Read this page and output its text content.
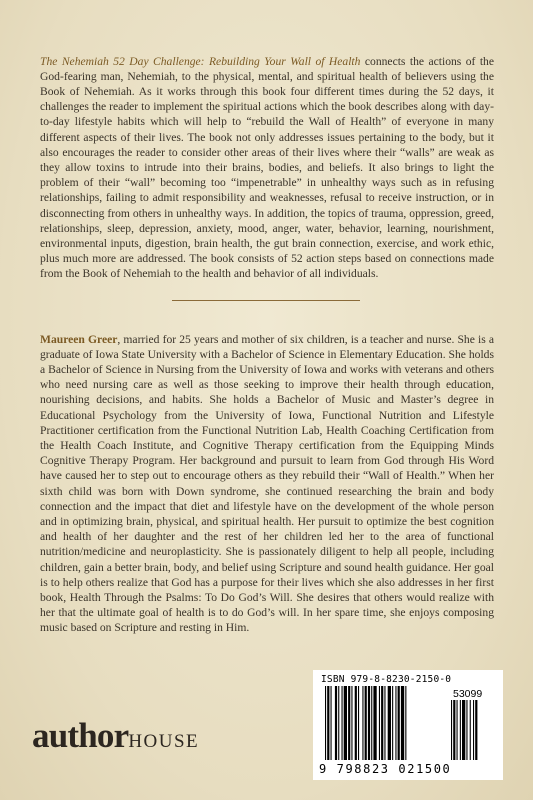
The Nehemiah 52 Day Challenge: Rebuilding Your Wall of Health connects the actions of the God-fearing man, Nehemiah, to the physical, mental, and spiritual health of believers using the Book of Nehemiah. As it works through this book four different times during the 52 days, it challenges the reader to implement the spiritual actions which the book describes along with day-to-day lifestyle habits which will help to “rebuild the Wall of Health” of everyone in many different aspects of their lives. The book not only addresses issues pertaining to the body, but it also encourages the reader to consider other areas of their lives where their “walls” are weak as they allow toxins to intrude into their brains, bodies, and beliefs. It also brings to light the problem of their “wall” becoming too “impenetrable” in unhealthy ways such as in refusing relationships, failing to admit responsibility and weaknesses, refusal to receive instruction, or in disconnecting from others in unhealthy ways. In addition, the topics of trauma, oppression, greed, relationships, sleep, depression, anxiety, mood, anger, water, behavior, learning, nourishment, environmental inputs, digestion, brain health, the gut brain connection, exercise, and work ethic, plus much more are addressed. The book consists of 52 action steps based on connections made from the Book of Nehemiah to the health and behavior of all individuals.

Maureen Greer, married for 25 years and mother of six children, is a teacher and nurse. She is a graduate of Iowa State University with a Bachelor of Science in Elementary Education. She holds a Bachelor of Science in Nursing from the University of Iowa and works with veterans and others who need nursing care as well as those seeking to improve their health through education, nourishing decisions, and habits. She holds a Bachelor of Music and Master’s degree in Educational Psychology from the University of Iowa, Functional Nutrition and Lifestyle Practitioner certification from the Functional Nutrition Lab, Health Coaching Certification from the Health Coach Institute, and Cognitive Therapy certification from the Equipping Minds Cognitive Therapy Program. Her background and pursuit to learn from God through His Word have caused her to step out to encourage others as they rebuild their “Wall of Health.” When her sixth child was born with Down syndrome, she continued researching the brain and body connection and the impact that diet and lifestyle have on the development of the whole person and in optimizing brain, physical, and spiritual health. Her pursuit to optimize the best cognition and health of her daughter and the rest of her children led her to the area of functional nutrition/medicine and neuroplasticity. She is passionately diligent to help all people, including children, gain a better brain, body, and belief using Scripture and sound health guidance. Her goal is to help others realize that God has a purpose for their lives which she also addresses in her first book, Health Through the Psalms: To Do God’s Will. She desires that others would realize with her that the ultimate goal of health is to do God’s will. In her spare time, she enjoys composing music based on Scripture and resting in Him.

authorHOUSE
ISBN 979-8-8230-2150-0
53099
9 798823 021500
